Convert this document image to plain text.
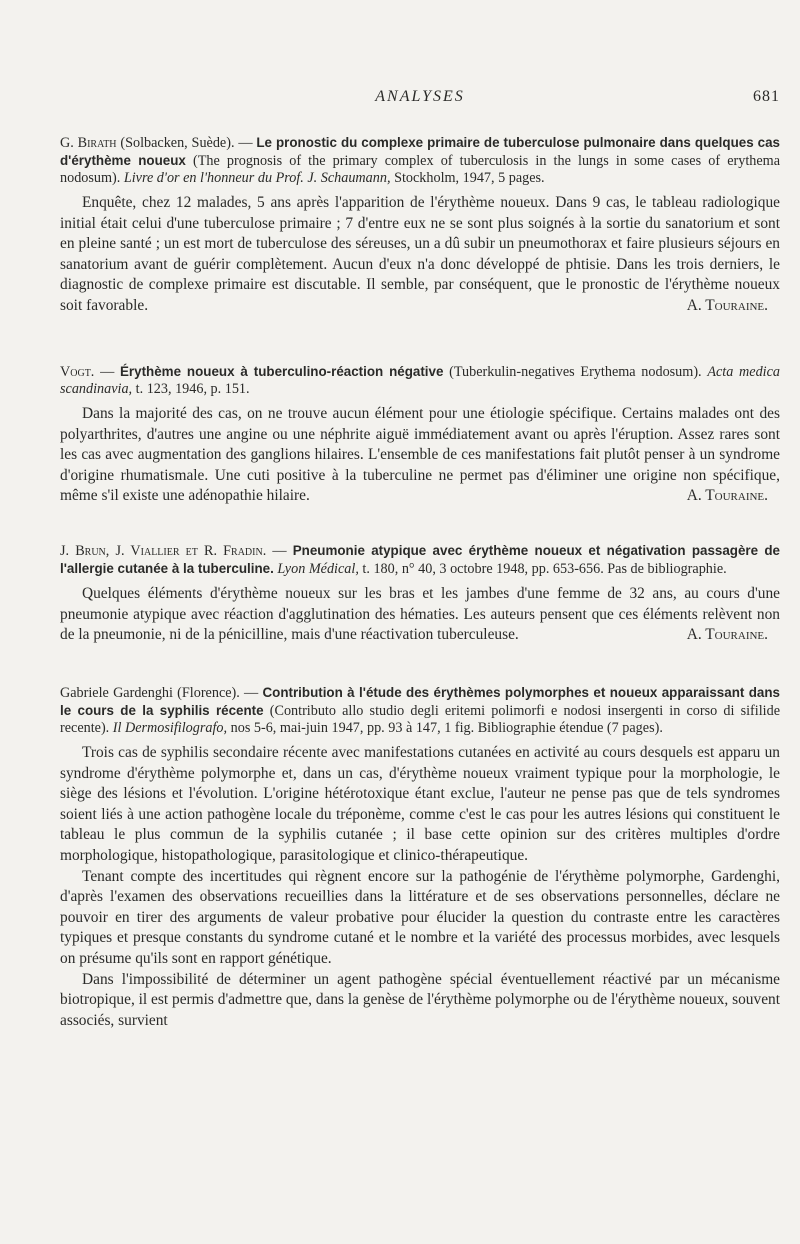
ANALYSES	681

G. Birath (Solbacken, Suède). — Le pronostic du complexe primaire de tuberculose pulmonaire dans quelques cas d'érythème noueux (The prognosis of the primary complex of tuberculosis in the lungs in some cases of erythema nodosum). Livre d'or en l'honneur du Prof. J. Schaumann, Stockholm, 1947, 5 pages.

Enquête, chez 12 malades, 5 ans après l'apparition de l'érythème noueux. Dans 9 cas, le tableau radiologique initial était celui d'une tuberculose primaire ; 7 d'entre eux ne se sont plus soignés à la sortie du sanatorium et sont en pleine santé ; un est mort de tuberculose des séreuses, un a dû subir un pneumothorax et faire plusieurs séjours en sanatorium avant de guérir complètement. Aucun d'eux n'a donc développé de phtisie. Dans les trois derniers, le diagnostic de complexe primaire est discutable. Il semble, par conséquent, que le pronostic de l'érythème noueux soit favorable.	A. Touraine.

Vogt. — Érythème noueux à tuberculino-réaction négative (Tuberkulin-negatives Erythema nodosum). Acta medica scandinavia, t. 123, 1946, p. 151.

Dans la majorité des cas, on ne trouve aucun élément pour une étiologie spécifique. Certains malades ont des polyarthrites, d'autres une angine ou une néphrite aiguë immédiatement avant ou après l'éruption. Assez rares sont les cas avec augmentation des ganglions hilaires. L'ensemble de ces manifestations fait plutôt penser à un syndrome d'origine rhumatismale. Une cuti positive à la tuberculine ne permet pas d'éliminer une origine non spécifique, même s'il existe une adénopathie hilaire.	A. Touraine.

J. Brun, J. Viallier et R. Fradin. — Pneumonie atypique avec érythème noueux et négativation passagère de l'allergie cutanée à la tuberculine. Lyon Médical, t. 180, n° 40, 3 octobre 1948, pp. 653-656. Pas de bibliographie.

Quelques éléments d'érythème noueux sur les bras et les jambes d'une femme de 32 ans, au cours d'une pneumonie atypique avec réaction d'agglutination des hématies. Les auteurs pensent que ces éléments relèvent non de la pneumonie, ni de la pénicilline, mais d'une réactivation tuberculeuse.	A. Touraine.

Gabriele Gardenghi (Florence). — Contribution à l'étude des érythèmes polymorphes et noueux apparaissant dans le cours de la syphilis récente (Contributo allo studio degli eritemi polimorfi e nodosi insergenti in corso di sifilide recente). Il Dermosifilografo, nos 5-6, mai-juin 1947, pp. 93 à 147, 1 fig. Bibliographie étendue (7 pages).

Trois cas de syphilis secondaire récente avec manifestations cutanées en activité au cours desquels est apparu un syndrome d'érythème polymorphe et, dans un cas, d'érythème noueux vraiment typique pour la morphologie, le siège des lésions et l'évolution. L'origine hétérotoxique étant exclue, l'auteur ne pense pas que de tels syndromes soient liés à une action pathogène locale du tréponème, comme c'est le cas pour les autres lésions qui constituent le tableau le plus commun de la syphilis cutanée ; il base cette opinion sur des critères multiples d'ordre morphologique, histopathologique, parasitologique et clinico-thérapeutique.

Tenant compte des incertitudes qui règnent encore sur la pathogénie de l'érythème polymorphe, Gardenghi, d'après l'examen des observations recueillies dans la littérature et de ses observations personnelles, déclare ne pouvoir en tirer des arguments de valeur probative pour élucider la question du contraste entre les caractères typiques et presque constants du syndrome cutané et le nombre et la variété des processus morbides, avec lesquels on présume qu'ils sont en rapport génétique.

Dans l'impossibilité de déterminer un agent pathogène spécial éventuellement réactivé par un mécanisme biotropique, il est permis d'admettre que, dans la genèse de l'érythème polymorphe ou de l'érythème noueux, souvent associés, survient
